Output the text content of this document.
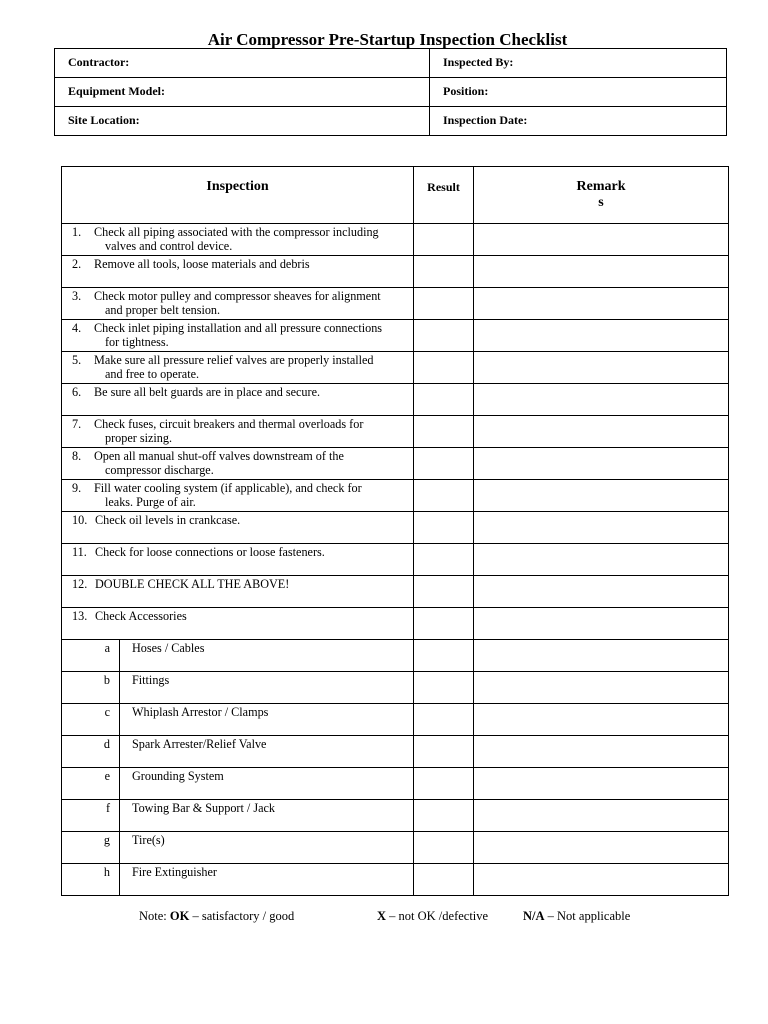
Air Compressor Pre-Startup Inspection Checklist
Contractor:	Inspected By:
Equipment Model:	Position:
Site Location:	Inspection Date:
Inspection		Result	Remarks

1. Check all piping associated with the compressor including
valves and control device.			

2. Remove all tools, loose materials and debris			
3. Check motor pulley and compressor sheaves for alignment
and proper belt tension.			

4. Check inlet piping installation and all pressure connections
for tightness.			

5. Make sure all pressure relief valves are properly installed
and free to operate.			

6. Be sure all belt guards are in place and secure.			
7. Check fuses, circuit breakers and thermal overloads for
proper sizing.			

8. Open all manual shut-off valves downstream of the
compressor discharge.			

9. Fill water cooling system (if applicable), and check for
leaks. Purge of air.			

10. Check oil levels in crankcase.			
11. Check for loose connections or loose fasteners.			
12. DOUBLE CHECK ALL THE ABOVE!			
13. Check Accessories			
a	Hoses / Cables		
b	Fittings		
c	Whiplash Arrestor / Clamps		
d	Spark Arrester/Relief Valve		
e	Grounding System		
f	Towing Bar & Support / Jack		
g	Tire(s)		
h	Fire Extinguisher		
Note: OK – satisfactory / good	X – not OK /defective	N/A – Not applicable
